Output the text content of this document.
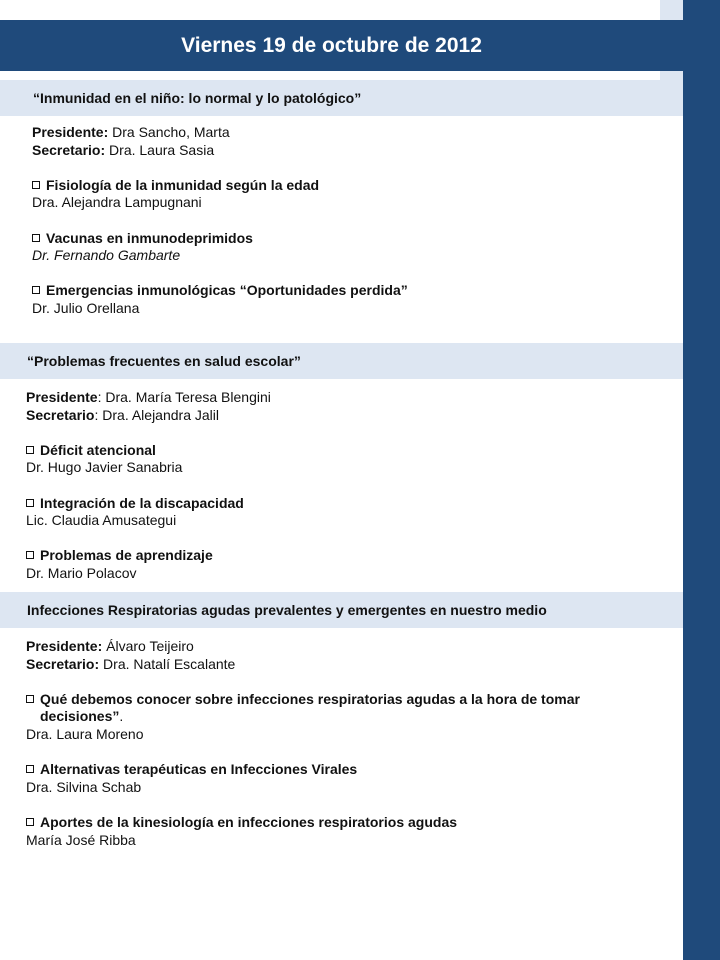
Viernes 19 de octubre de 2012
“Inmunidad en el niño: lo normal y lo patológico”
Presidente: Dra Sancho, Marta
Secretario: Dra. Laura Sasia
Fisiología de la inmunidad según la edad
Dra. Alejandra Lampugnani
Vacunas en inmunodeprimidos
Dr. Fernando Gambarte
Emergencias inmunológicas “Oportunidades perdida”
Dr. Julio Orellana
“Problemas frecuentes en salud escolar”
Presidente: Dra. María Teresa Blengini
Secretario: Dra. Alejandra Jalil
Déficit atencional
Dr. Hugo Javier Sanabria
Integración de la discapacidad
Lic. Claudia Amusategui
Problemas de aprendizaje
Dr. Mario Polacov
Infecciones Respiratorias agudas prevalentes y emergentes en nuestro medio
Presidente: Álvaro Teijeiro
Secretario: Dra. Natalí Escalante
Qué debemos conocer sobre infecciones respiratorias agudas a la hora de tomar decisiones”.
Dra. Laura Moreno
Alternativas terapéuticas en Infecciones Virales
Dra. Silvina Schab
Aportes de la kinesiología en infecciones respiratorios agudas
María José Ribba
